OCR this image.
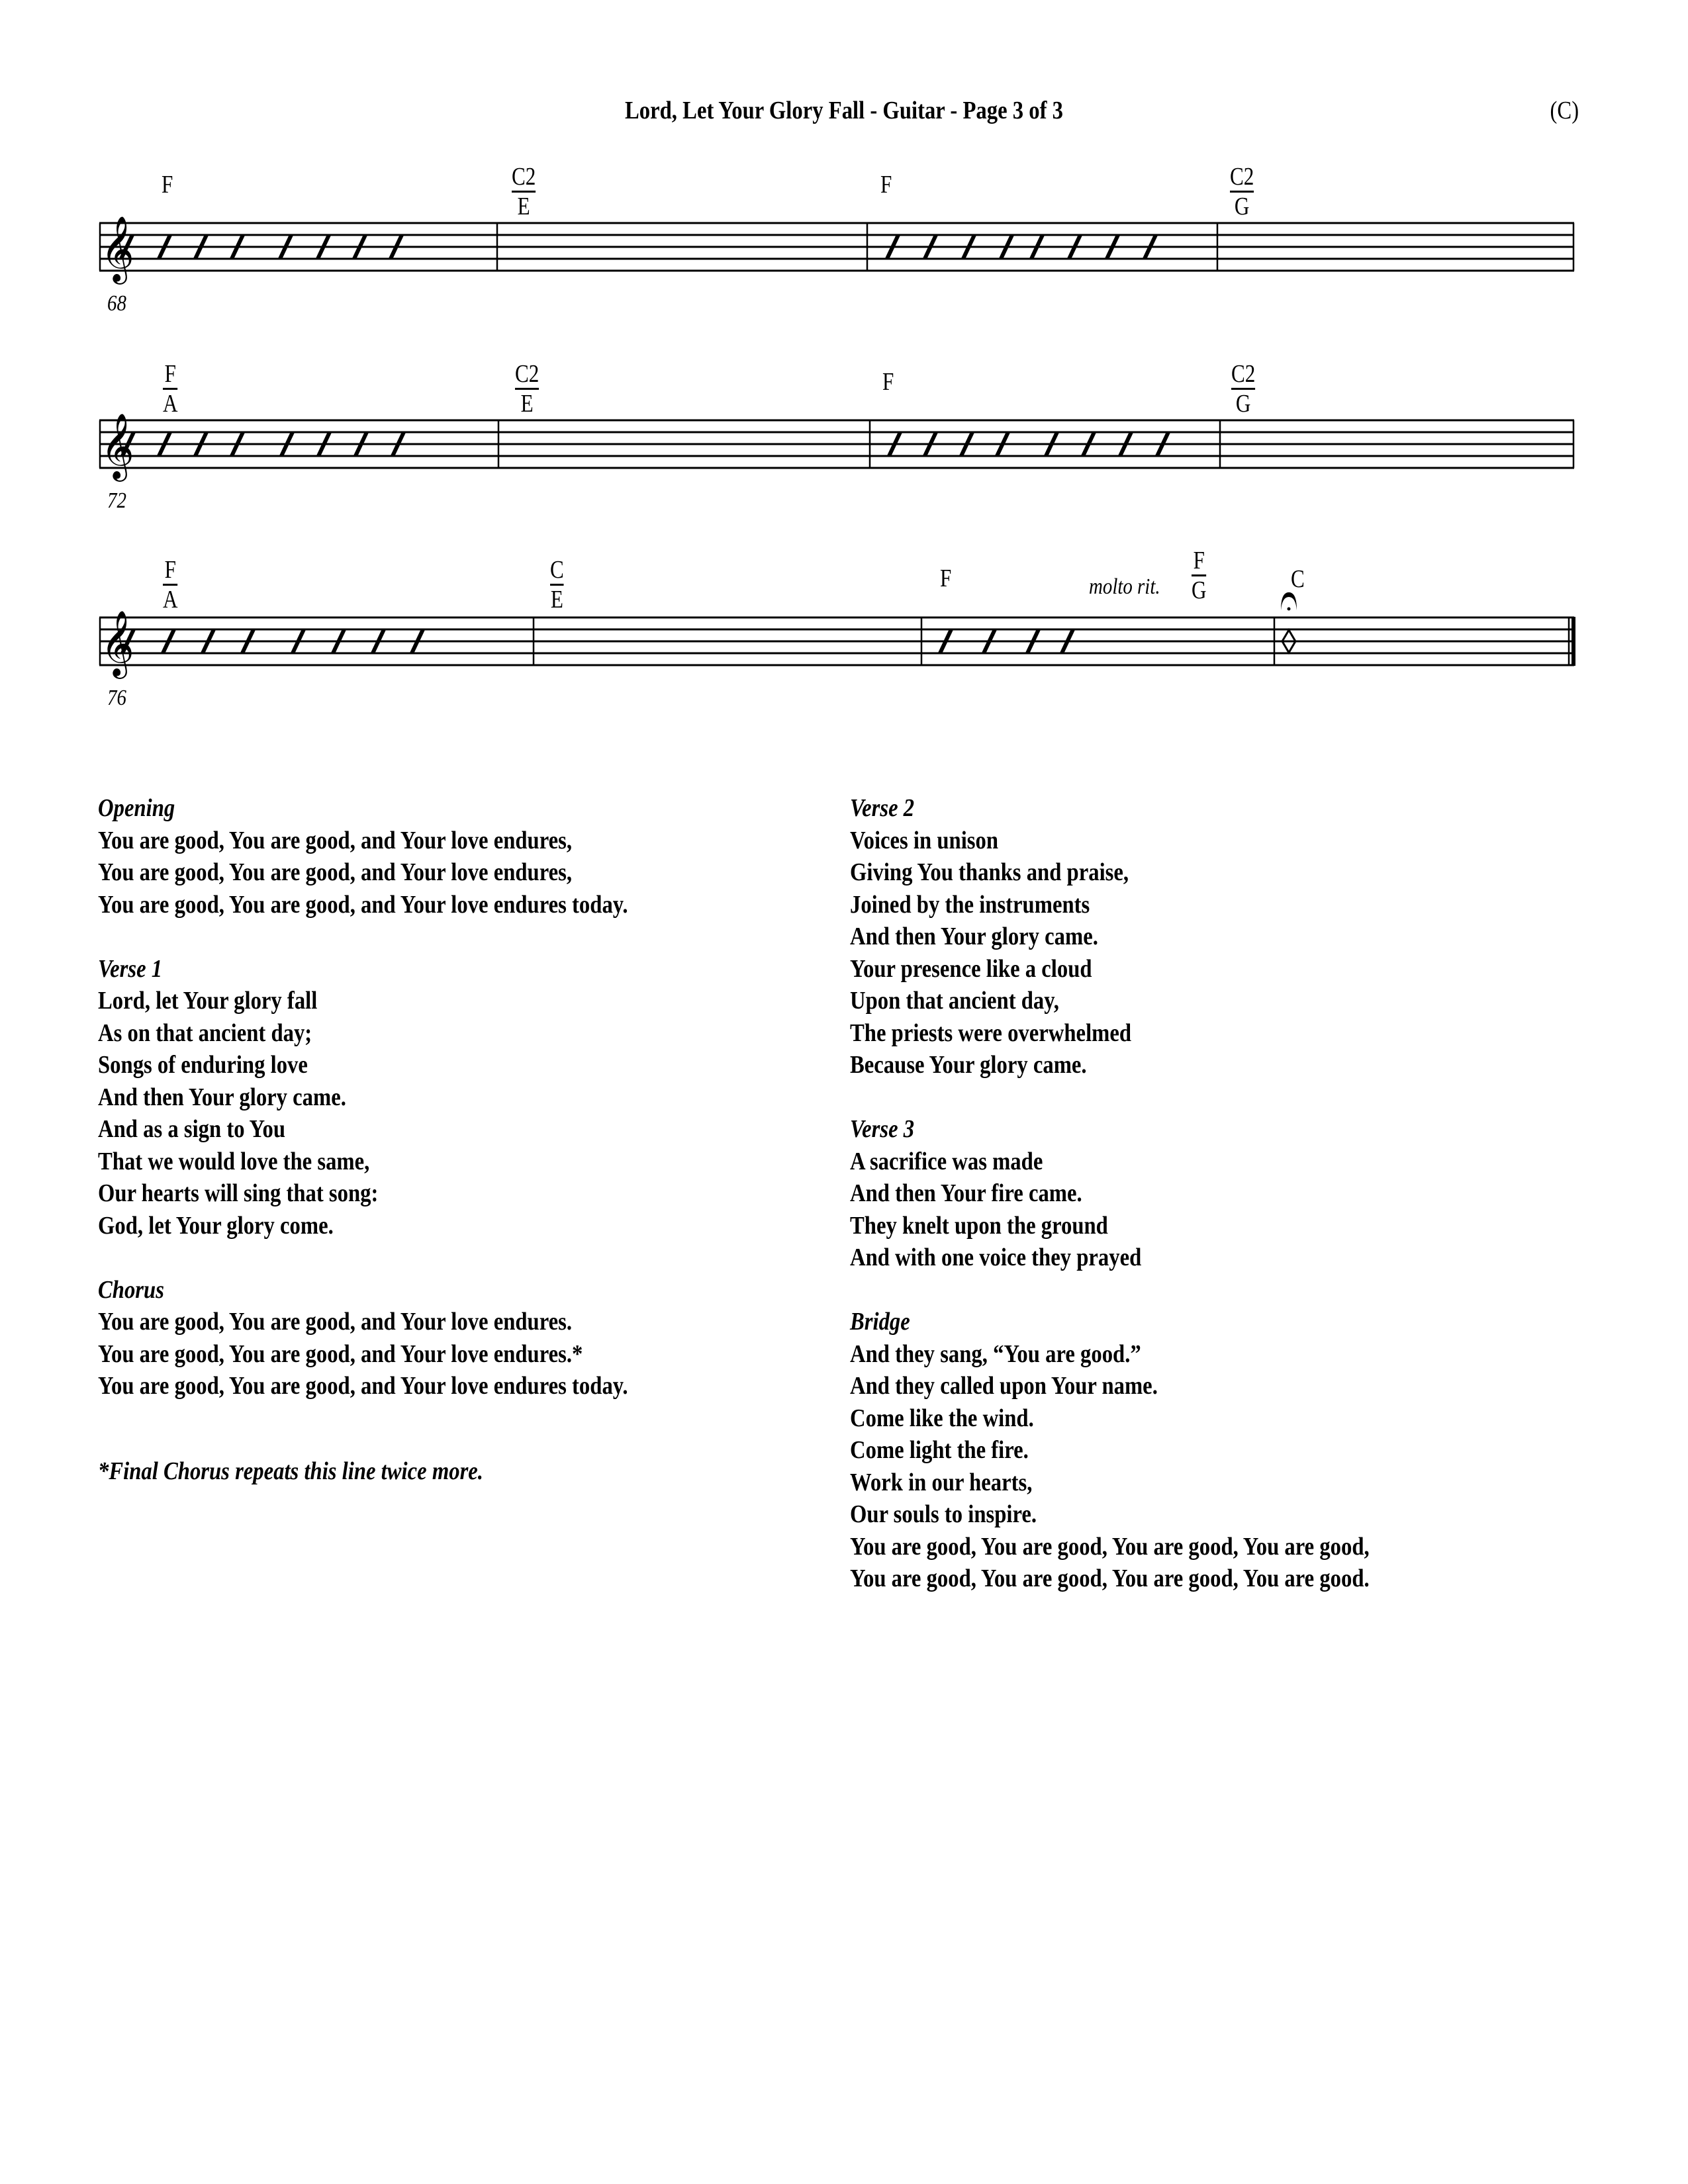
Lord, Let Your Glory Fall - Guitar - Page 3 of 3	(C)
𝄞
𝄞
𝄞
68
72
76
F	$\frac{C2}{E}$	F	$\frac{C2}{G}$
$\frac{F}{A}$	$\frac{C2}{E}$	F	$\frac{C2}{G}$
$\frac{F}{A}$	$\frac{C}{E}$	F	molto rit. $\frac{F}{G}$	C
Opening
You are good, You are good, and Your love endures,
You are good, You are good, and Your love endures,
You are good, You are good, and Your love endures today.
Verse 1
Lord, let Your glory fall
As on that ancient day;
Songs of enduring love
And then Your glory came.
And as a sign to You
That we would love the same,
Our hearts will sing that song:
God, let Your glory come.
Chorus
You are good, You are good, and Your love endures.
You are good, You are good, and Your love endures.*
You are good, You are good, and Your love endures today.
*Final Chorus repeats this line twice more.
Verse 2
Voices in unison
Giving You thanks and praise,
Joined by the instruments
And then Your glory came.
Your presence like a cloud
Upon that ancient day,
The priests were overwhelmed
Because Your glory came.
Verse 3
A sacrifice was made
And then Your fire came.
They knelt upon the ground
And with one voice they prayed
Bridge
And they sang, “You are good.”
And they called upon Your name.
Come like the wind.
Come light the fire.
Work in our hearts,
Our souls to inspire.
You are good, You are good, You are good, You are good,
You are good, You are good, You are good, You are good.
